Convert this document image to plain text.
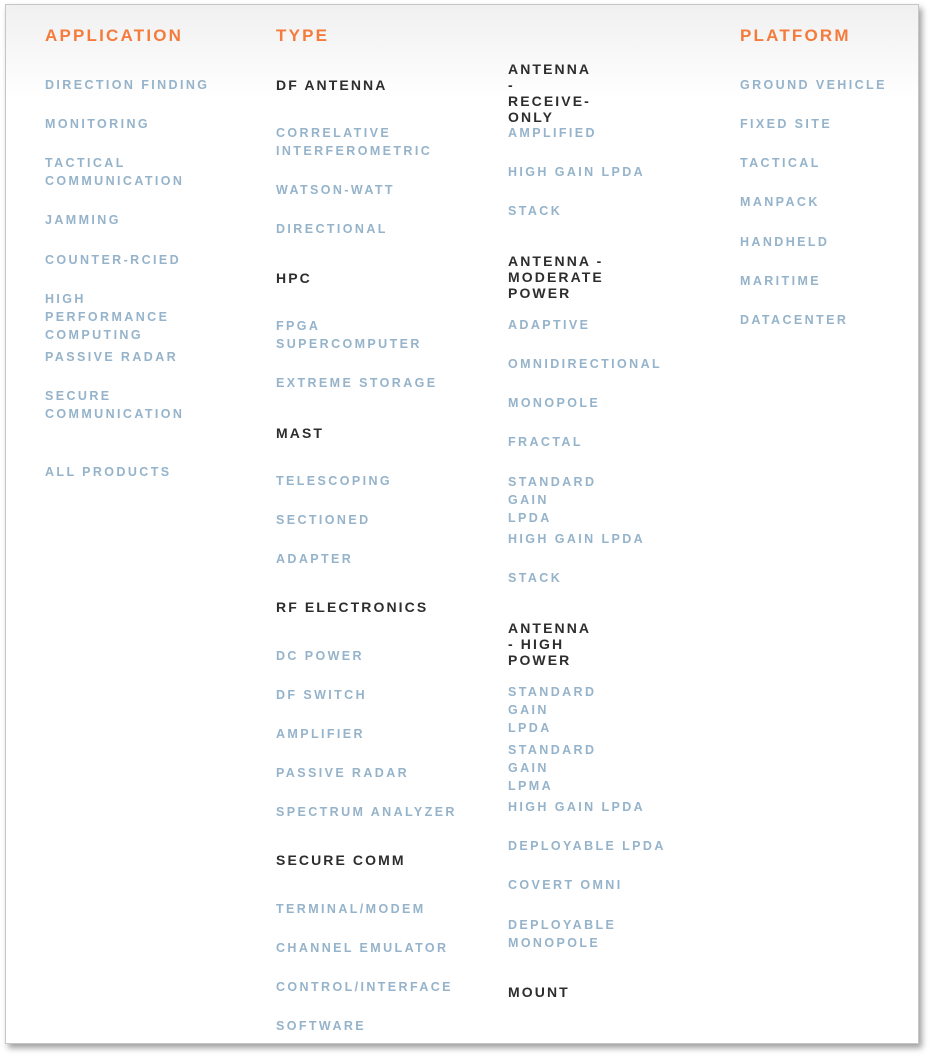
APPLICATION
DIRECTION FINDING
MONITORING
TACTICAL
COMMUNICATION
JAMMING
COUNTER-RCIED
HIGH PERFORMANCE
COMPUTING
PASSIVE RADAR
SECURE
COMMUNICATION
ALL PRODUCTS
TYPE
DF ANTENNA
CORRELATIVE
INTERFEROMETRIC
WATSON-WATT
DIRECTIONAL
HPC
FPGA
SUPERCOMPUTER
EXTREME STORAGE
MAST
TELESCOPING
SECTIONED
ADAPTER
RF ELECTRONICS
DC POWER
DF SWITCH
AMPLIFIER
PASSIVE RADAR
SPECTRUM ANALYZER
SECURE COMM
TERMINAL/MODEM
CHANNEL EMULATOR
CONTROL/INTERFACE
SOFTWARE
ANTENNA -
RECEIVE-ONLY
AMPLIFIED
HIGH GAIN LPDA
STACK
ANTENNA -
MODERATE POWER
ADAPTIVE
OMNIDIRECTIONAL
MONOPOLE
FRACTAL
STANDARD GAIN
LPDA
HIGH GAIN LPDA
STACK
ANTENNA - HIGH
POWER
STANDARD GAIN
LPDA
STANDARD GAIN
LPMA
HIGH GAIN LPDA
DEPLOYABLE LPDA
COVERT OMNI
DEPLOYABLE
MONOPOLE
MOUNT
PLATFORM
GROUND VEHICLE
FIXED SITE
TACTICAL
MANPACK
HANDHELD
MARITIME
DATACENTER
